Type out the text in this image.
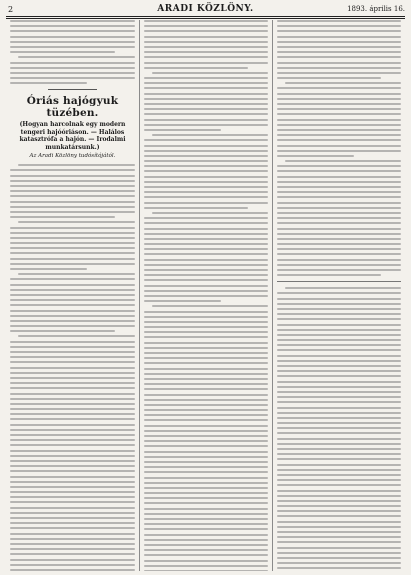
2	ARADI KÖZLÖNY.	1893. április 16.
Óriás hajógyuk tüzében.
(Hogyan harcolnak egy modern tengeri hajóóriáson. — Halálos katasztrófa a hajón. — Irodalmi munkatársunk.)
Az Aradi Közlöny tudósítójától.
